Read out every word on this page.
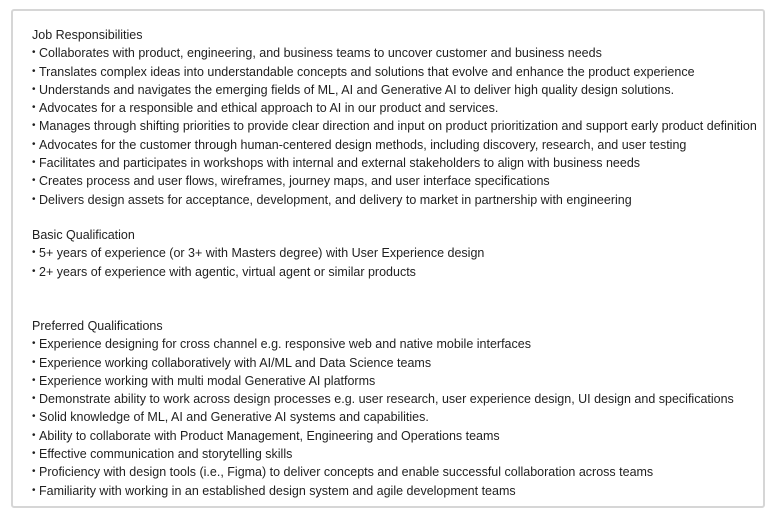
Job Responsibilities
• Collaborates with product, engineering, and business teams to uncover customer and business needs
• Translates complex ideas into understandable concepts and solutions that evolve and enhance the product experience
• Understands and navigates the emerging fields of ML, AI and Generative AI to deliver high quality design solutions.
• Advocates for a responsible and ethical approach to AI in our product and services.
• Manages through shifting priorities to provide clear direction and input on product prioritization and support early product definition
• Advocates for the customer through human-centered design methods, including discovery, research, and user testing
• Facilitates and participates in workshops with internal and external stakeholders to align with business needs
• Creates process and user flows, wireframes, journey maps, and user interface specifications
• Delivers design assets for acceptance, development, and delivery to market in partnership with engineering
Basic Qualification
• 5+ years of experience (or 3+ with Masters degree) with User Experience design
• 2+ years of experience with agentic, virtual agent or similar products
Preferred Qualifications
• Experience designing for cross channel e.g. responsive web and native mobile interfaces
• Experience working collaboratively with AI/ML and Data Science teams
• Experience working with multi modal Generative AI platforms
• Demonstrate ability to work across design processes e.g. user research, user experience design, UI design and specifications
• Solid knowledge of ML, AI and Generative AI systems and capabilities.
• Ability to collaborate with Product Management, Engineering and Operations teams
• Effective communication and storytelling skills
• Proficiency with design tools (i.e., Figma) to deliver concepts and enable successful collaboration across teams
• Familiarity with working in an established design system and agile development teams
